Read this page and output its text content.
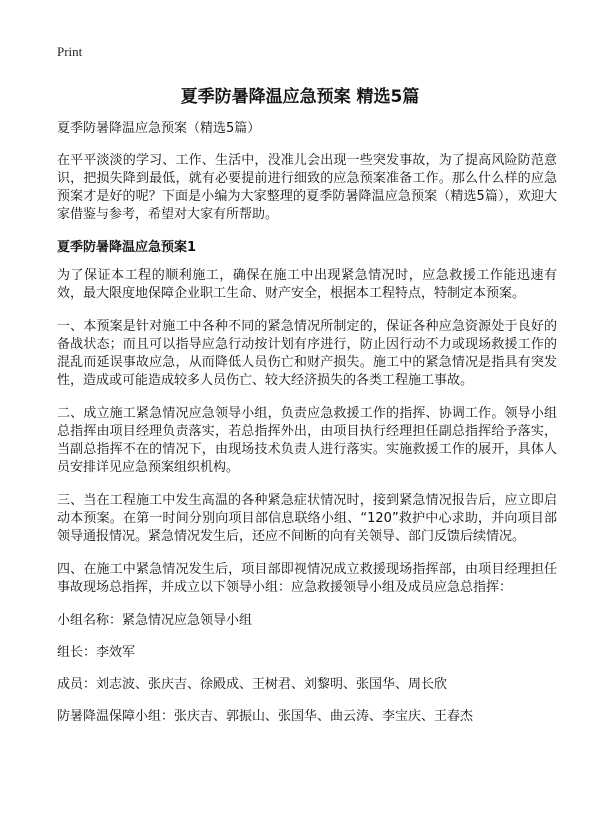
Print
夏季防暑降温应急预案 精选5篇

夏季防暑降温应急预案（精选5篇）

在平平淡淡的学习、工作、生活中，没准儿会出现一些突发事故，为了提高风险防范意识，把损失降到最低，就有必要提前进行细致的应急预案准备工作。那么什么样的应急预案才是好的呢？下面是小编为大家整理的夏季防暑降温应急预案（精选5篇），欢迎大家借鉴与参考，希望对大家有所帮助。

夏季防暑降温应急预案1

为了保证本工程的顺利施工，确保在施工中出现紧急情况时，应急救援工作能迅速有效，最大限度地保障企业职工生命、财产安全，根据本工程特点，特制定本预案。

一、本预案是针对施工中各种不同的紧急情况所制定的，保证各种应急资源处于良好的备战状态；而且可以指导应急行动按计划有序进行，防止因行动不力或现场救援工作的混乱而延误事故应急，从而降低人员伤亡和财产损失。施工中的紧急情况是指具有突发性，造成或可能造成较多人员伤亡、较大经济损失的各类工程施工事故。

二、成立施工紧急情况应急领导小组，负责应急救援工作的指挥、协调工作。领导小组总指挥由项目经理负责落实，若总指挥外出，由项目执行经理担任副总指挥给予落实，当副总指挥不在的情况下，由现场技术负责人进行落实。实施救援工作的展开，具体人员安排详见应急预案组织机构。

三、当在工程施工中发生高温的各种紧急症状情况时，接到紧急情况报告后，应立即启动本预案。在第一时间分别向项目部信息联络小组、“120”救护中心求助，并向项目部领导通报情况。紧急情况发生后，还应不间断的向有关领导、部门反馈后续情况。

四、在施工中紧急情况发生后，项目部即视情况成立救援现场指挥部，由项目经理担任事故现场总指挥，并成立以下领导小组：应急救援领导小组及成员应急总指挥：

小组名称：紧急情况应急领导小组

组长：李效军

成员：刘志波、张庆吉、徐殿成、王树君、刘黎明、张国华、周长欣

防暑降温保障小组：张庆吉、郭振山、张国华、曲云涛、李宝庆、王春杰
